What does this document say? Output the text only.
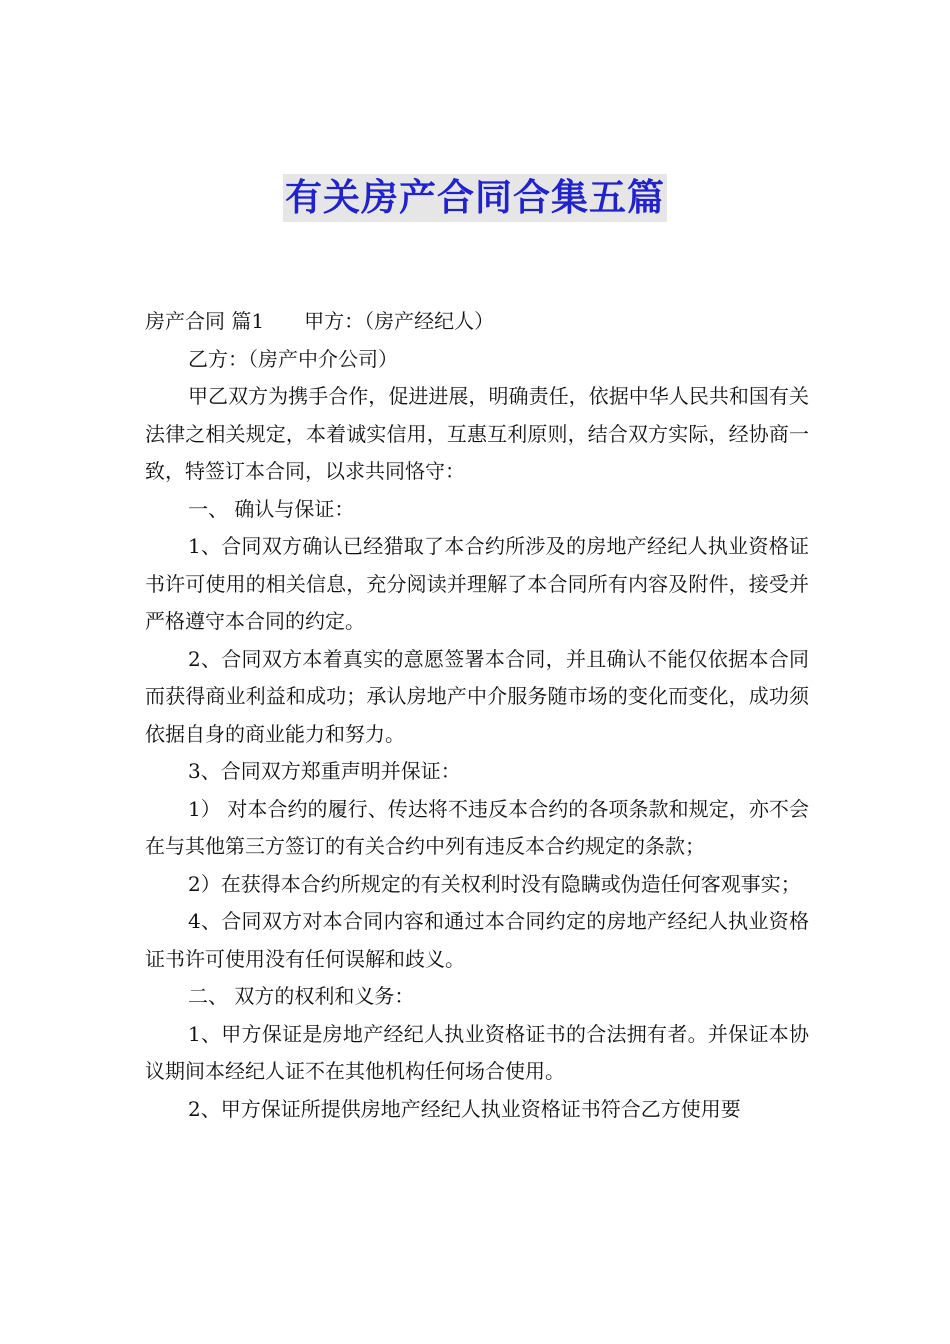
有关房产合同合集五篇

房产合同 篇1 甲方：（房产经纪人）

乙方：（房产中介公司）

甲乙双方为携手合作，促进进展，明确责任，依据中华人民共和国有关法律之相关规定，本着诚实信用，互惠互利原则，结合双方实际，经协商一致，特签订本合同，以求共同恪守：

一、 确认与保证：

1、合同双方确认已经猎取了本合约所涉及的房地产经纪人执业资格证书许可使用的相关信息，充分阅读并理解了本合同所有内容及附件，接受并严格遵守本合同的约定。

2、合同双方本着真实的意愿签署本合同，并且确认不能仅依据本合同而获得商业利益和成功；承认房地产中介服务随市场的变化而变化，成功须依据自身的商业能力和努力。

3、合同双方郑重声明并保证：

1） 对本合约的履行、传达将不违反本合约的各项条款和规定，亦不会在与其他第三方签订的有关合约中列有违反本合约规定的条款；

2）在获得本合约所规定的有关权利时没有隐瞒或伪造任何客观事实；

4、合同双方对本合同内容和通过本合同约定的房地产经纪人执业资格证书许可使用没有任何误解和歧义。

二、 双方的权利和义务：

1、甲方保证是房地产经纪人执业资格证书的合法拥有者。并保证本协议期间本经纪人证不在其他机构任何场合使用。

2、甲方保证所提供房地产经纪人执业资格证书符合乙方使用要
